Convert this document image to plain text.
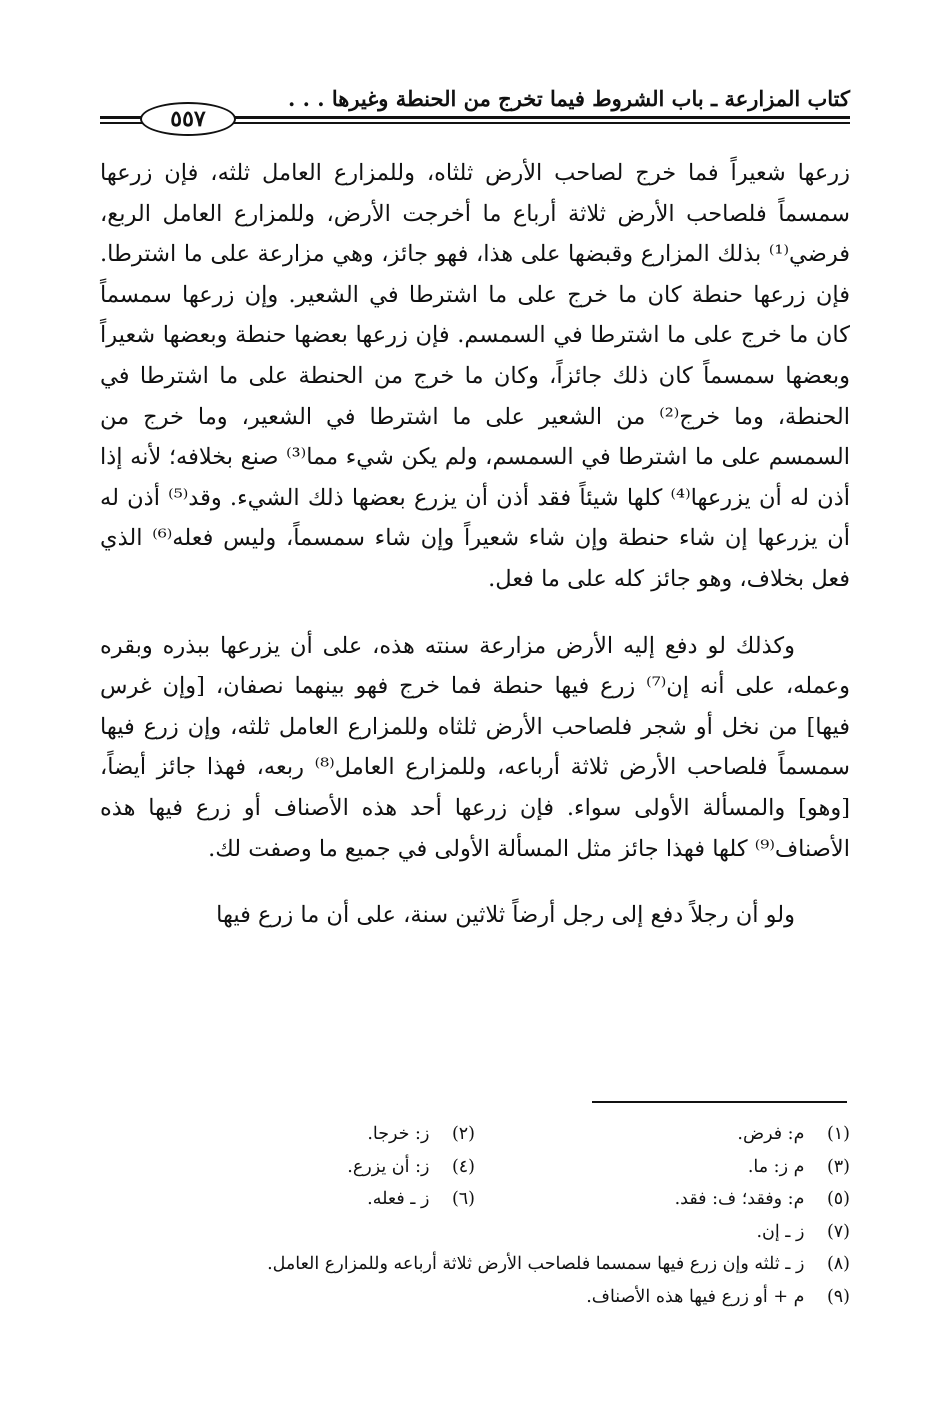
كتاب المزارعة ـ باب الشروط فيما تخرج من الحنطة وغيرها . . .
٥٥٧

زرعها شعيراً فما خرج لصاحب الأرض ثلثاه، وللمزارع العامل ثلثه، فإن زرعها سمسماً فلصاحب الأرض ثلاثة أرباع ما أخرجت الأرض، وللمزارع العامل الربع، فرضي⁽¹⁾ بذلك المزارع وقبضها على هذا، فهو جائز، وهي مزارعة على ما اشترطا. فإن زرعها حنطة كان ما خرج على ما اشترطا في الشعير. وإن زرعها سمسماً كان ما خرج على ما اشترطا في السمسم. فإن زرعها بعضها حنطة وبعضها شعيراً وبعضها سمسماً كان ذلك جائزاً، وكان ما خرج من الحنطة على ما اشترطا في الحنطة، وما خرج⁽²⁾ من الشعير على ما اشترطا في الشعير، وما خرج من السمسم على ما اشترطا في السمسم، ولم يكن شيء مما⁽³⁾ صنع بخلافه؛ لأنه إذا أذن له أن يزرعها⁽⁴⁾ كلها شيئاً فقد أذن أن يزرع بعضها ذلك الشيء. وقد⁽⁵⁾ أذن له أن يزرعها إن شاء حنطة وإن شاء شعيراً وإن شاء سمسماً، وليس فعله⁽⁶⁾ الذي فعل بخلاف، وهو جائز كله على ما فعل.

وكذلك لو دفع إليه الأرض مزارعة سنته هذه، على أن يزرعها ببذره وبقره وعمله، على أنه إن⁽⁷⁾ زرع فيها حنطة فما خرج فهو بينهما نصفان، [وإن غرس فيها] من نخل أو شجر فلصاحب الأرض ثلثاه وللمزارع العامل ثلثه، وإن زرع فيها سمسماً فلصاحب الأرض ثلاثة أرباعه، وللمزارع العامل⁽⁸⁾ ربعه، فهذا جائز أيضاً، [وهو] والمسألة الأولى سواء. فإن زرعها أحد هذه الأصناف أو زرع فيها هذه الأصناف⁽⁹⁾ كلها فهذا جائز مثل المسألة الأولى في جميع ما وصفت لك.

ولو أن رجلاً دفع إلى رجل أرضاً ثلاثين سنة، على أن ما زرع فيها

(١) م: فرض.
(٢) ز: خرجا.
(٣) م ز: ما.
(٤) ز: أن يزرع.
(٥) م: وفقد؛ ف: فقد.
(٦) ز ـ فعله.
(٧) ز ـ إن.
(٨) ز ـ ثلثه وإن زرع فيها سمسما فلصاحب الأرض ثلاثة أرباعه وللمزارع العامل.
(٩) م + أو زرع فيها هذه الأصناف.
